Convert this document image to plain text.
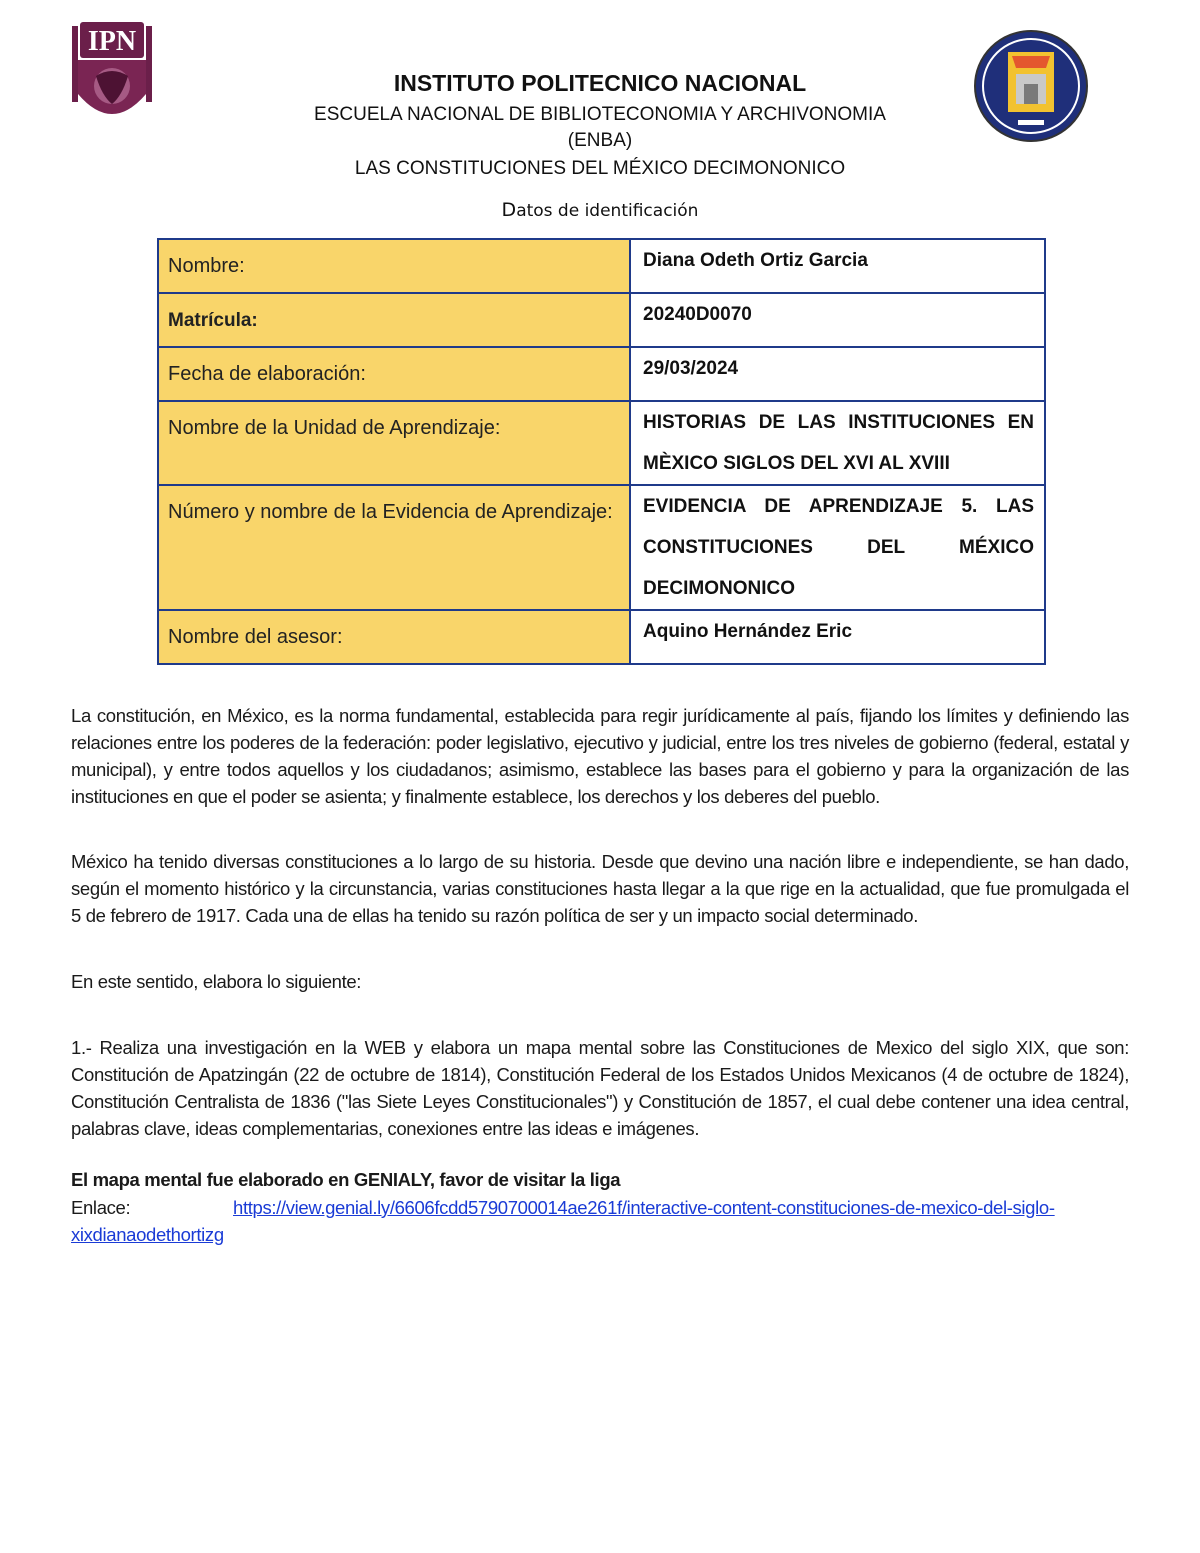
IPN
INSTITUTO POLITECNICO NACIONAL
ESCUELA NACIONAL DE BIBLIOTECONOMIA Y ARCHIVONOMIA
(ENBA)
LAS CONSTITUCIONES DEL MÉXICO DECIMONONICO
Datos de identificación
Nombre:	Diana Odeth Ortiz Garcia
Matrícula:	20240D0070
Fecha de elaboración:	29/03/2024
Nombre de la Unidad de Aprendizaje:	HISTORIAS DE LAS INSTITUCIONES EN MÈXICO SIGLOS DEL XVI AL XVIII
Número y nombre de la Evidencia de Aprendizaje:	EVIDENCIA DE APRENDIZAJE 5. LAS CONSTITUCIONES DEL MÉXICO DECIMONONICO
Nombre del asesor:	Aquino Hernández Eric
La constitución, en México, es la norma fundamental, establecida para regir jurídicamente al país, fijando los límites y definiendo las relaciones entre los poderes de la federación: poder legislativo, ejecutivo y judicial, entre los tres niveles de gobierno (federal, estatal y municipal), y entre todos aquellos y los ciudadanos; asimismo, establece las bases para el gobierno y para la organización de las instituciones en que el poder se asienta; y finalmente establece, los derechos y los deberes del pueblo.
México ha tenido diversas constituciones a lo largo de su historia. Desde que devino una nación libre e independiente, se han dado, según el momento histórico y la circunstancia, varias constituciones hasta llegar a la que rige en la actualidad, que fue promulgada el 5 de febrero de 1917. Cada una de ellas ha tenido su razón política de ser y un impacto social determinado.
En este sentido, elabora lo siguiente:
1.- Realiza una investigación en la WEB y elabora un mapa mental sobre las Constituciones de Mexico del siglo XIX, que son: Constitución de Apatzingán (22 de octubre de 1814), Constitución Federal de los Estados Unidos Mexicanos (4 de octubre de 1824), Constitución Centralista de 1836 ("las Siete Leyes Constitucionales") y Constitución de 1857, el cual debe contener una idea central, palabras clave, ideas complementarias, conexiones entre las ideas e imágenes.
El mapa mental fue elaborado en GENIALY, favor de visitar la liga
Enlace:	https://view.genial.ly/6606fcdd5790700014ae261f/interactive-content-constituciones-de-mexico-del-siglo-xixdianaodethortizg
